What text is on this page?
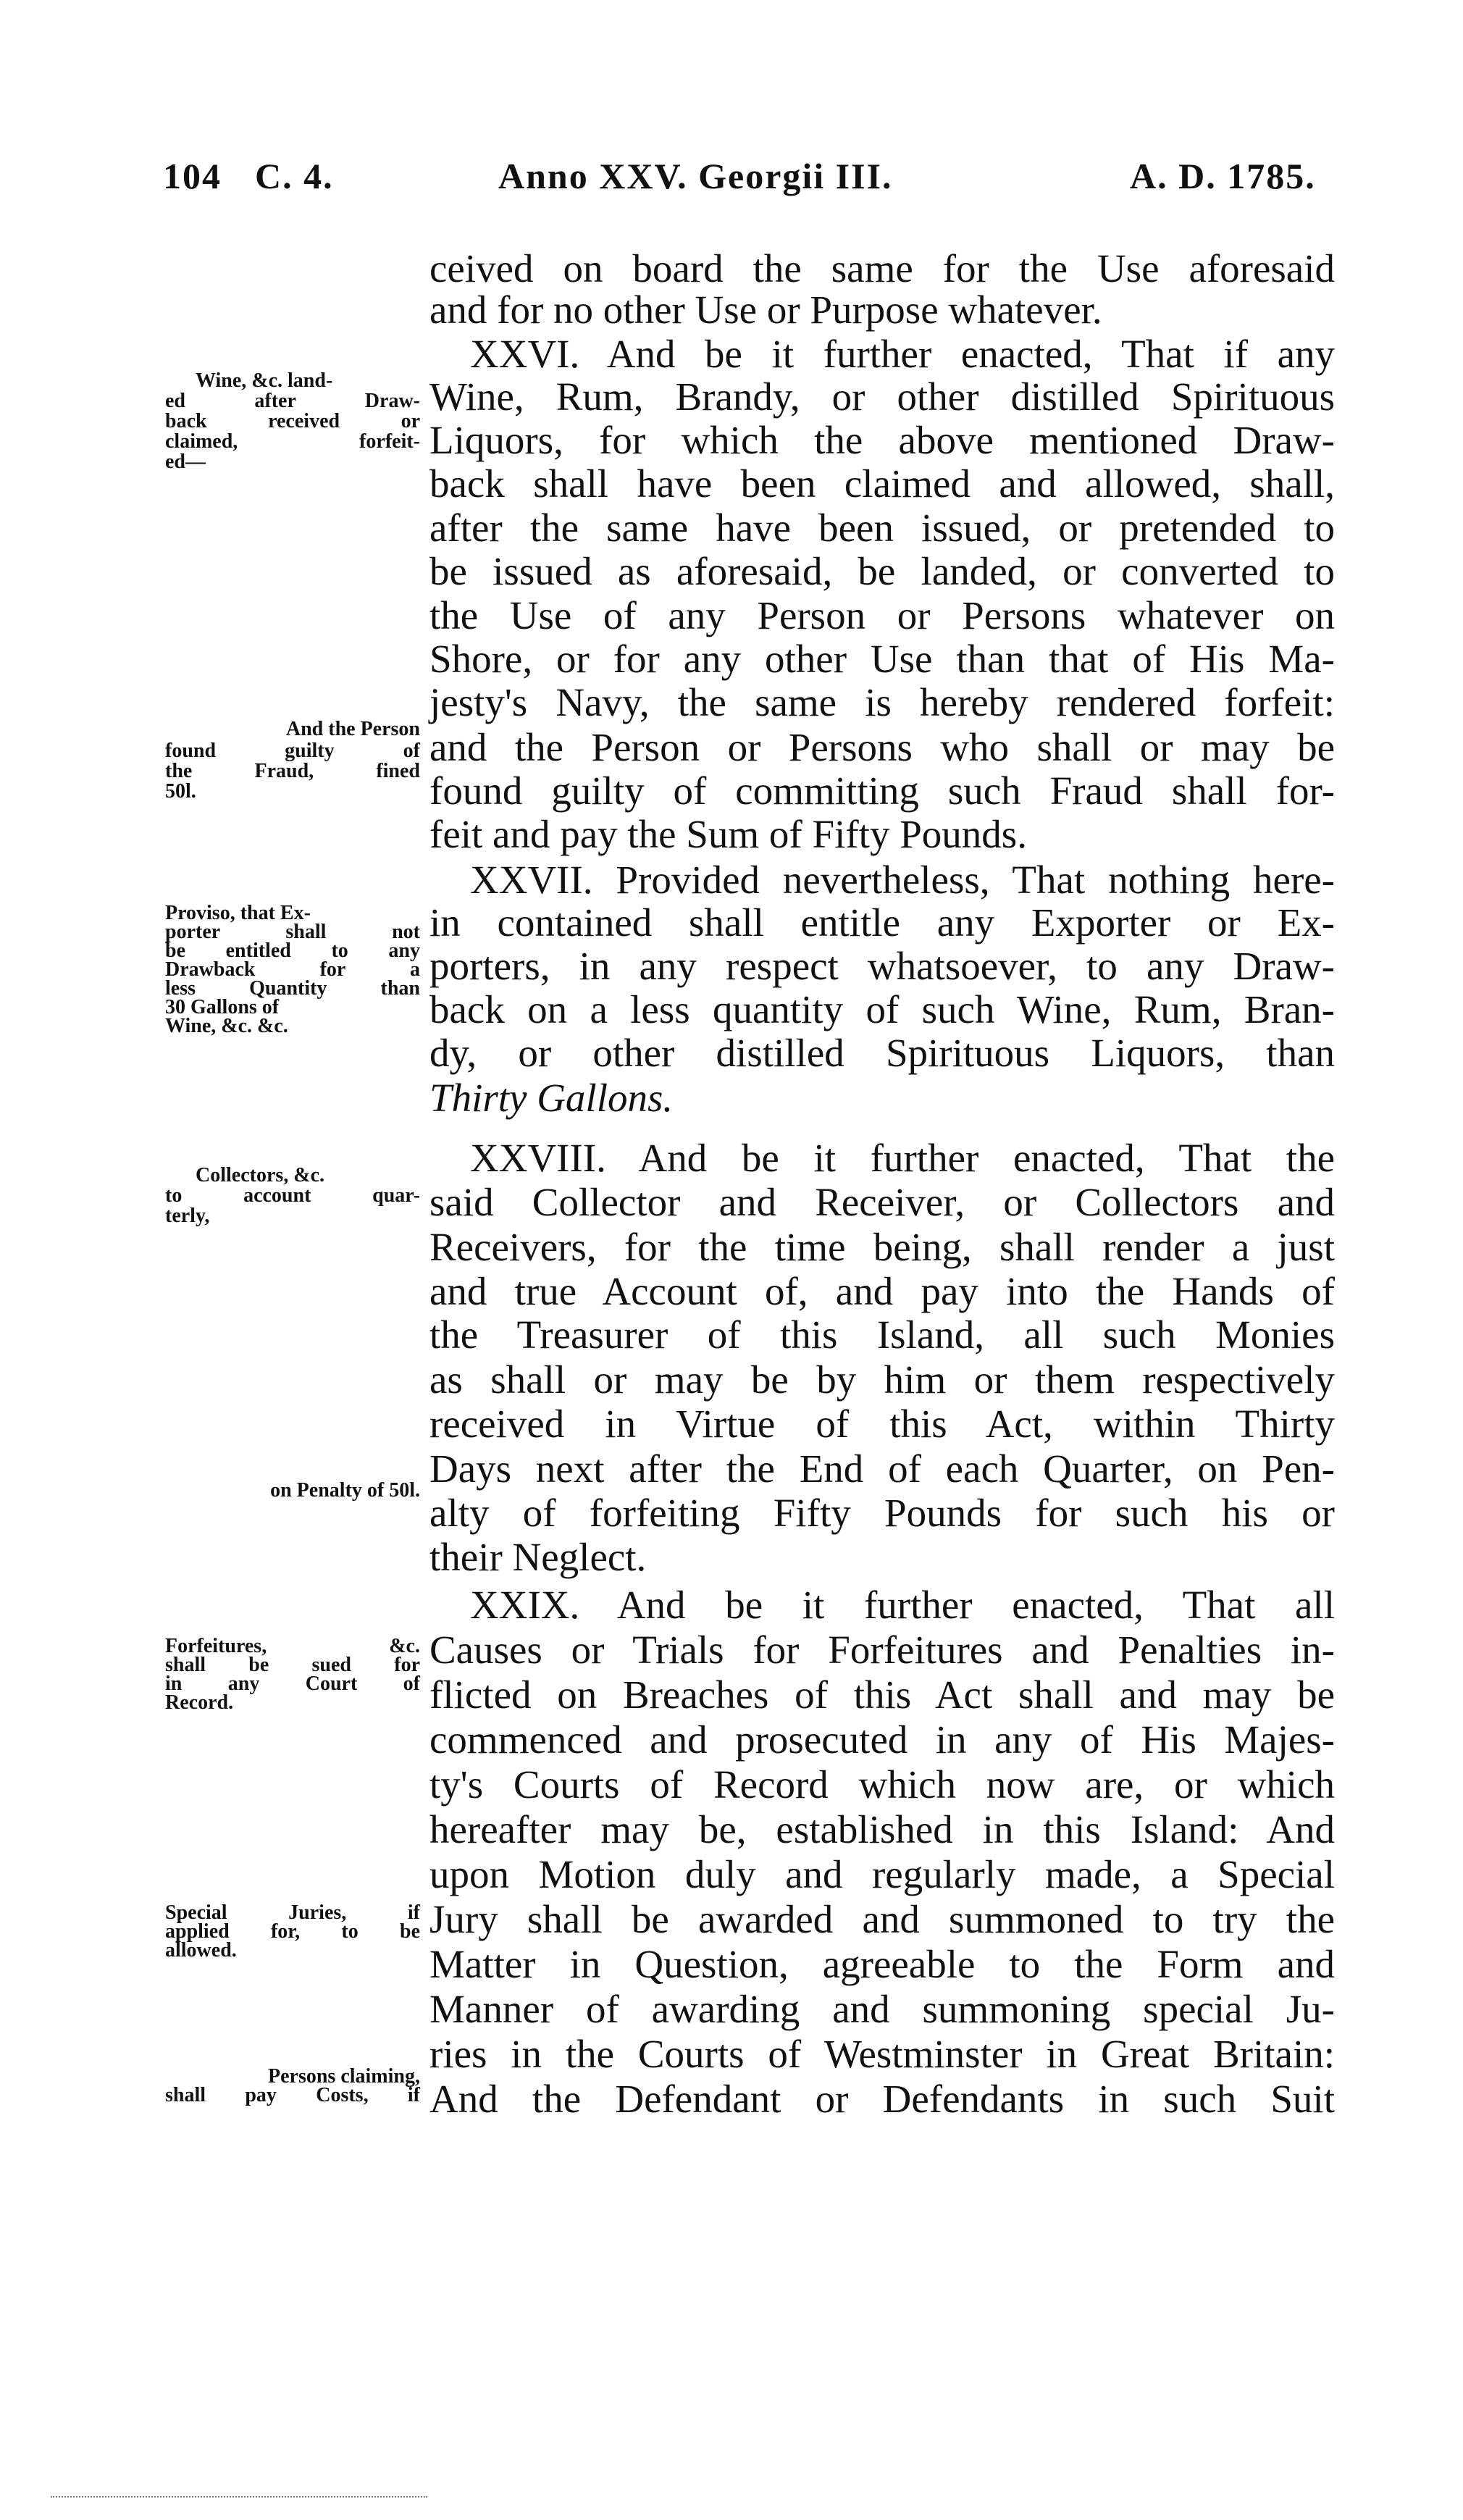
104 C. 4.	Anno XXV. Georgii III.	A. D. 1785.
ceived on board the same for the Use aforesaid
and for no other Use or Purpose whatever.
XXVI. And be it further enacted, That if any
Wine, Rum, Brandy, or other distilled Spirituous
Liquors, for which the above mentioned Draw-
back shall have been claimed and allowed, shall,
after the same have been issued, or pretended to
be issued as aforesaid, be landed, or converted to
the Use of any Person or Persons whatever on
Shore, or for any other Use than that of His Ma-
jesty's Navy, the same is hereby rendered forfeit:
and the Person or Persons who shall or may be
found guilty of committing such Fraud shall for-
feit and pay the Sum of Fifty Pounds.
XXVII. Provided nevertheless, That nothing here-
in contained shall entitle any Exporter or Ex-
porters, in any respect whatsoever, to any Draw-
back on a less quantity of such Wine, Rum, Bran-
dy, or other distilled Spirituous Liquors, than
Thirty Gallons.
XXVIII. And be it further enacted, That the
said Collector and Receiver, or Collectors and
Receivers, for the time being, shall render a just
and true Account of, and pay into the Hands of
the Treasurer of this Island, all such Monies
as shall or may be by him or them respectively
received in Virtue of this Act, within Thirty
Days next after the End of each Quarter, on Pen-
alty of forfeiting Fifty Pounds for such his or
their Neglect.
XXIX. And be it further enacted, That all
Causes or Trials for Forfeitures and Penalties in-
flicted on Breaches of this Act shall and may be
commenced and prosecuted in any of His Majes-
ty's Courts of Record which now are, or which
hereafter may be, established in this Island: And
upon Motion duly and regularly made, a Special
Jury shall be awarded and summoned to try the
Matter in Question, agreeable to the Form and
Manner of awarding and summoning special Ju-
ries in the Courts of Westminster in Great Britain:
And the Defendant or Defendants in such Suit
Wine, &c. land-
ed after Draw-
back received or
claimed, forfeit-
ed—
And the Person
found guilty of
the Fraud, fined
50l.
Proviso, that Ex-
porter shall not
be entitled to any
Drawback for a
less Quantity than
30 Gallons of
Wine, &c. &c.
Collectors, &c.
to account quar-
terly,
on Penalty of 50l.
Forfeitures, &c.
shall be sued for
in any Court of
Record.
Special Juries, if
applied for, to be
allowed.
Persons claiming,
shall pay Costs, if
